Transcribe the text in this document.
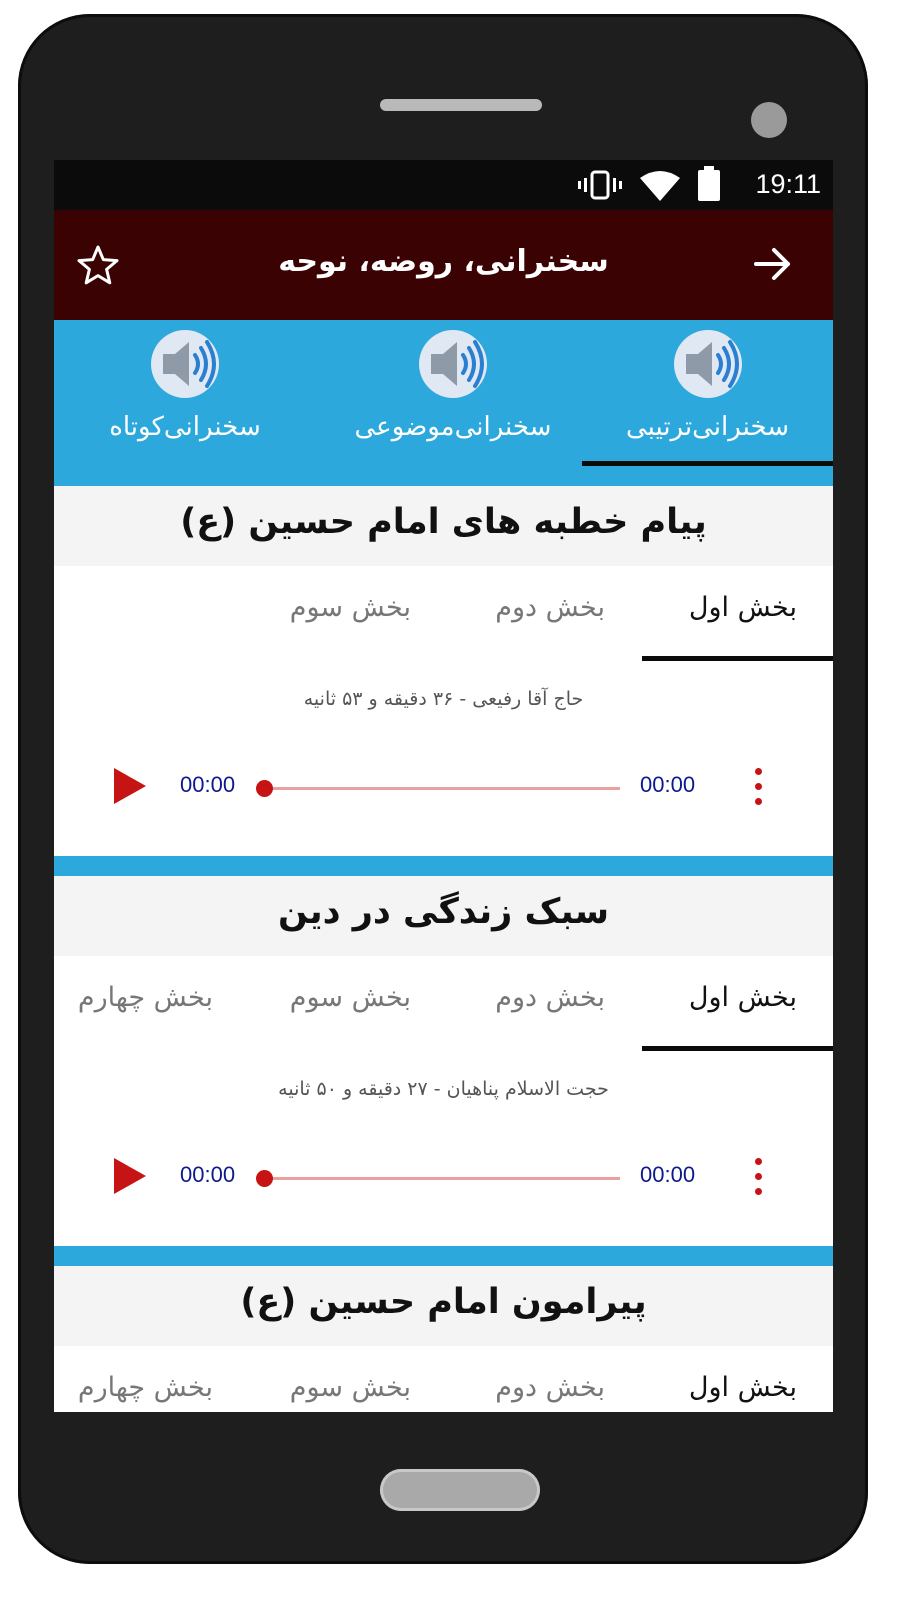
19:11
سخنرانی، روضه، نوحه
سخنرانی‌ترتیبی
سخنرانی‌موضوعی
سخنرانی‌کوتاه
پیام خطبه های امام حسین (ع)
بخش اول
بخش دوم
بخش سوم
حاج آقا رفیعی - ۳۶ دقیقه و ۵۳ ثانیه
00:00	00:00
سبک زندگی در دین
بخش اول
بخش دوم
بخش سوم
بخش چهارم
حجت الاسلام پناهیان - ۲۷ دقیقه و ۵۰ ثانیه
00:00	00:00
پیرامون امام حسین (ع)
بخش اول
بخش دوم
بخش سوم
بخش چهارم
